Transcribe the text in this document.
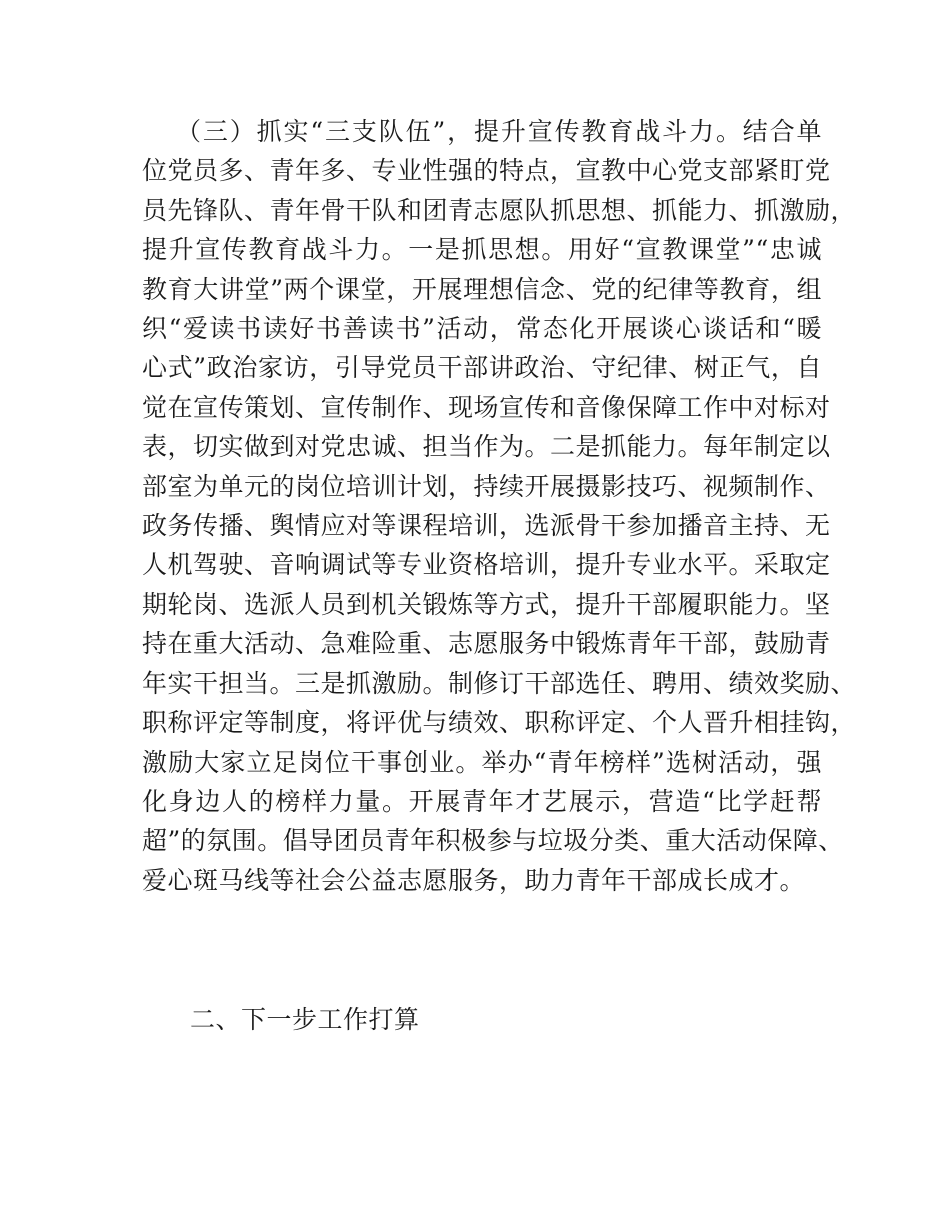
（三）抓实“三支队伍”，提升宣传教育战斗力。结合单
位党员多、青年多、专业性强的特点，宣教中心党支部紧盯党
员先锋队、青年骨干队和团青志愿队抓思想、抓能力、抓激励，
提升宣传教育战斗力。一是抓思想。用好“宣教课堂”“忠诚
教育大讲堂”两个课堂，开展理想信念、党的纪律等教育，组
织“爱读书读好书善读书”活动，常态化开展谈心谈话和“暖
心式”政治家访，引导党员干部讲政治、守纪律、树正气，自
觉在宣传策划、宣传制作、现场宣传和音像保障工作中对标对
表，切实做到对党忠诚、担当作为。二是抓能力。每年制定以
部室为单元的岗位培训计划，持续开展摄影技巧、视频制作、
政务传播、舆情应对等课程培训，选派骨干参加播音主持、无
人机驾驶、音响调试等专业资格培训，提升专业水平。采取定
期轮岗、选派人员到机关锻炼等方式，提升干部履职能力。坚
持在重大活动、急难险重、志愿服务中锻炼青年干部，鼓励青
年实干担当。三是抓激励。制修订干部选任、聘用、绩效奖励、
职称评定等制度，将评优与绩效、职称评定、个人晋升相挂钩，
激励大家立足岗位干事创业。举办“青年榜样”选树活动，强
化身边人的榜样力量。开展青年才艺展示，营造“比学赶帮
超”的氛围。倡导团员青年积极参与垃圾分类、重大活动保障、
爱心斑马线等社会公益志愿服务，助力青年干部成长成才。
二、下一步工作打算
